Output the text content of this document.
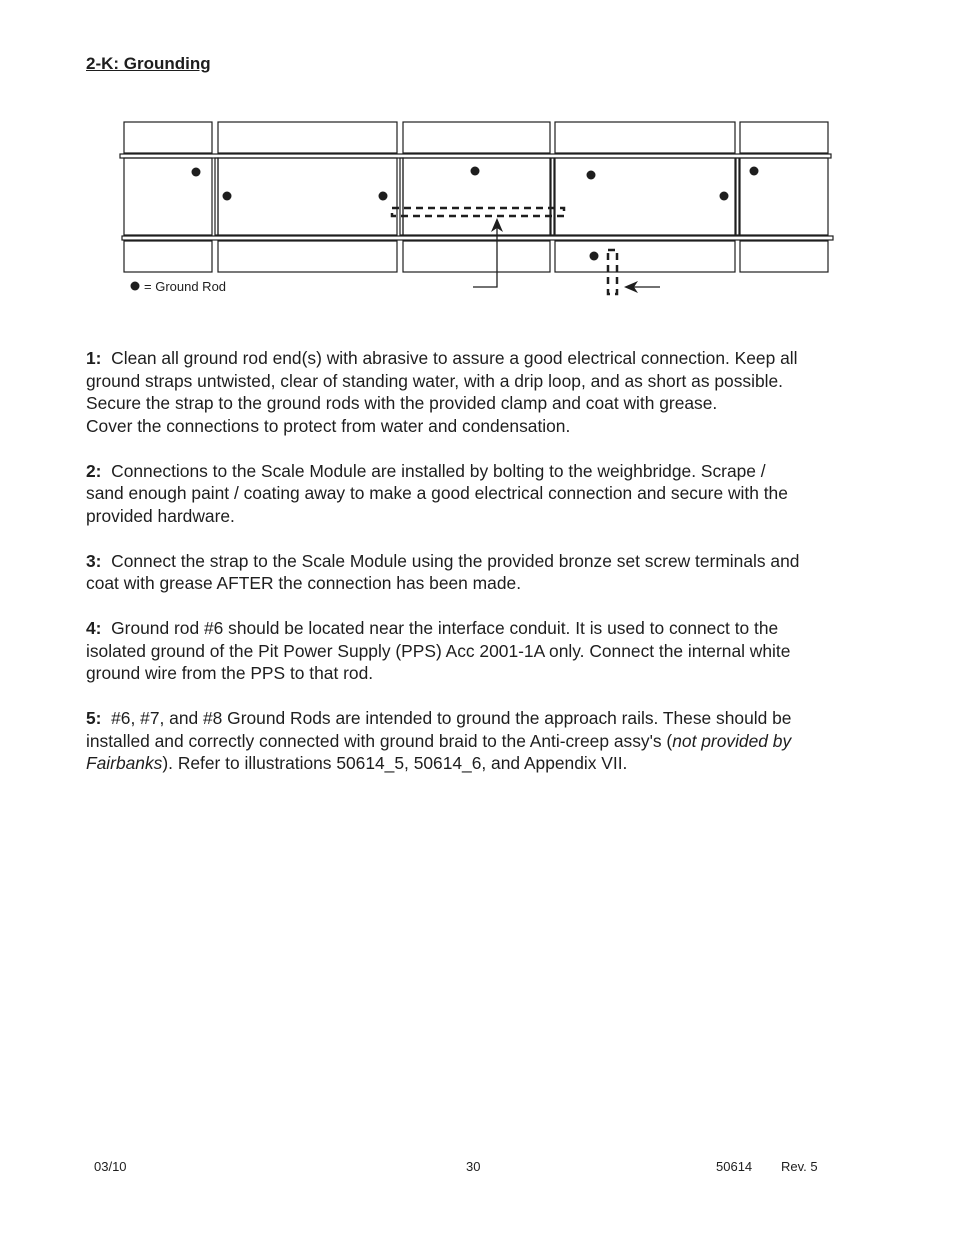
2-K: Grounding
= Ground Rod

1: Clean all ground rod end(s) with abrasive to assure a good electrical connection. Keep all
ground straps untwisted, clear of standing water, with a drip loop, and as short as possible.
Secure the strap to the ground rods with the provided clamp and coat with grease.
Cover the connections to protect from water and condensation.

2: Connections to the Scale Module are installed by bolting to the weighbridge. Scrape /
sand enough paint / coating away to make a good electrical connection and secure with the
provided hardware.

3: Connect the strap to the Scale Module using the provided bronze set screw terminals and
coat with grease AFTER the connection has been made.

4: Ground rod #6 should be located near the interface conduit. It is used to connect to the
isolated ground of the Pit Power Supply (PPS) Acc 2001-1A only. Connect the internal white
ground wire from the PPS to that rod.

5: #6, #7, and #8 Ground Rods are intended to ground the approach rails. These should be
installed and correctly connected with ground braid to the Anti-creep assy's (not provided by
Fairbanks). Refer to illustrations 50614_5, 50614_6, and Appendix VII.

03/10	30	50614 Rev. 5
